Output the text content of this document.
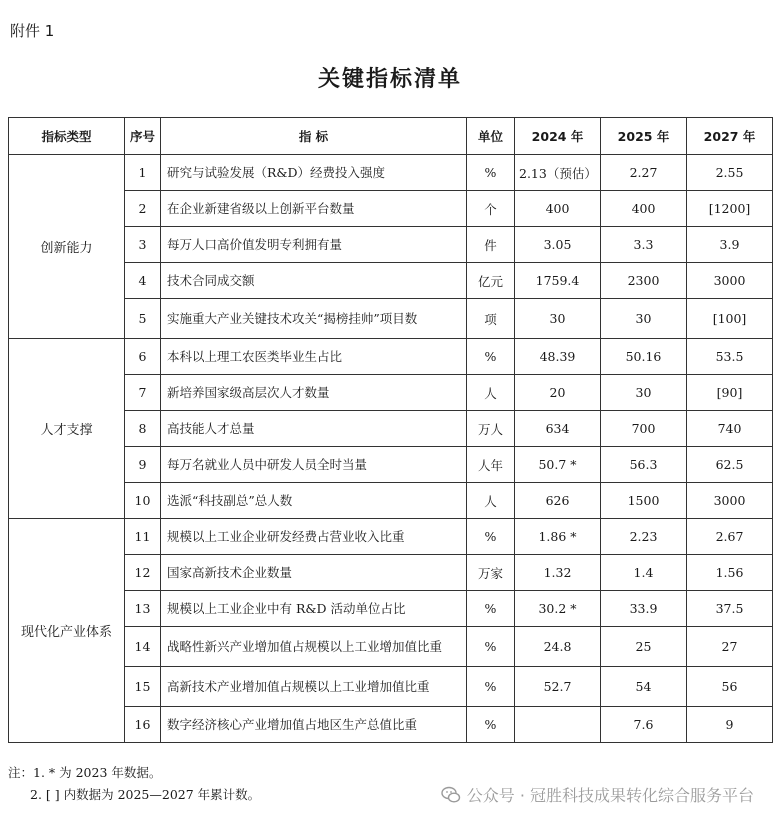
附件 1
关键指标清单
指标类型	序号	指 标	单位	2024 年	2025 年	2027 年
创新能力	1	研究与试验发展（R&D）经费投入强度	%	2.13（预估）	2.27	2.55
	2	在企业新建省级以上创新平台数量	个	400	400	[1200]
	3	每万人口高价值发明专利拥有量	件	3.05	3.3	3.9
	4	技术合同成交额	亿元	1759.4	2300	3000
	5	实施重大产业关键技术攻关“揭榜挂帅”项目数	项	30	30	[100]
人才支撑	6	本科以上理工农医类毕业生占比	%	48.39	50.16	53.5
	7	新培养国家级高层次人才数量	人	20	30	[90]
	8	高技能人才总量	万人	634	700	740
	9	每万名就业人员中研发人员全时当量	人年	50.7 *	56.3	62.5
	10	选派“科技副总”总人数	人	626	1500	3000
现代化产业体系	11	规模以上工业企业研发经费占营业收入比重	%	1.86 *	2.23	2.67
	12	国家高新技术企业数量	万家	1.32	1.4	1.56
	13	规模以上工业企业中有 R&D 活动单位占比	%	30.2 *	33.9	37.5
	14	战略性新兴产业增加值占规模以上工业增加值比重	%	24.8	25	27
	15	高新技术产业增加值占规模以上工业增加值比重	%	52.7	54	56
	16	数字经济核心产业增加值占地区生产总值比重	%		7.6	9
注：1. * 为 2023 年数据。
2. [ ] 内数据为 2025—2027 年累计数。	公众号 · 冠胜科技成果转化综合服务平台
